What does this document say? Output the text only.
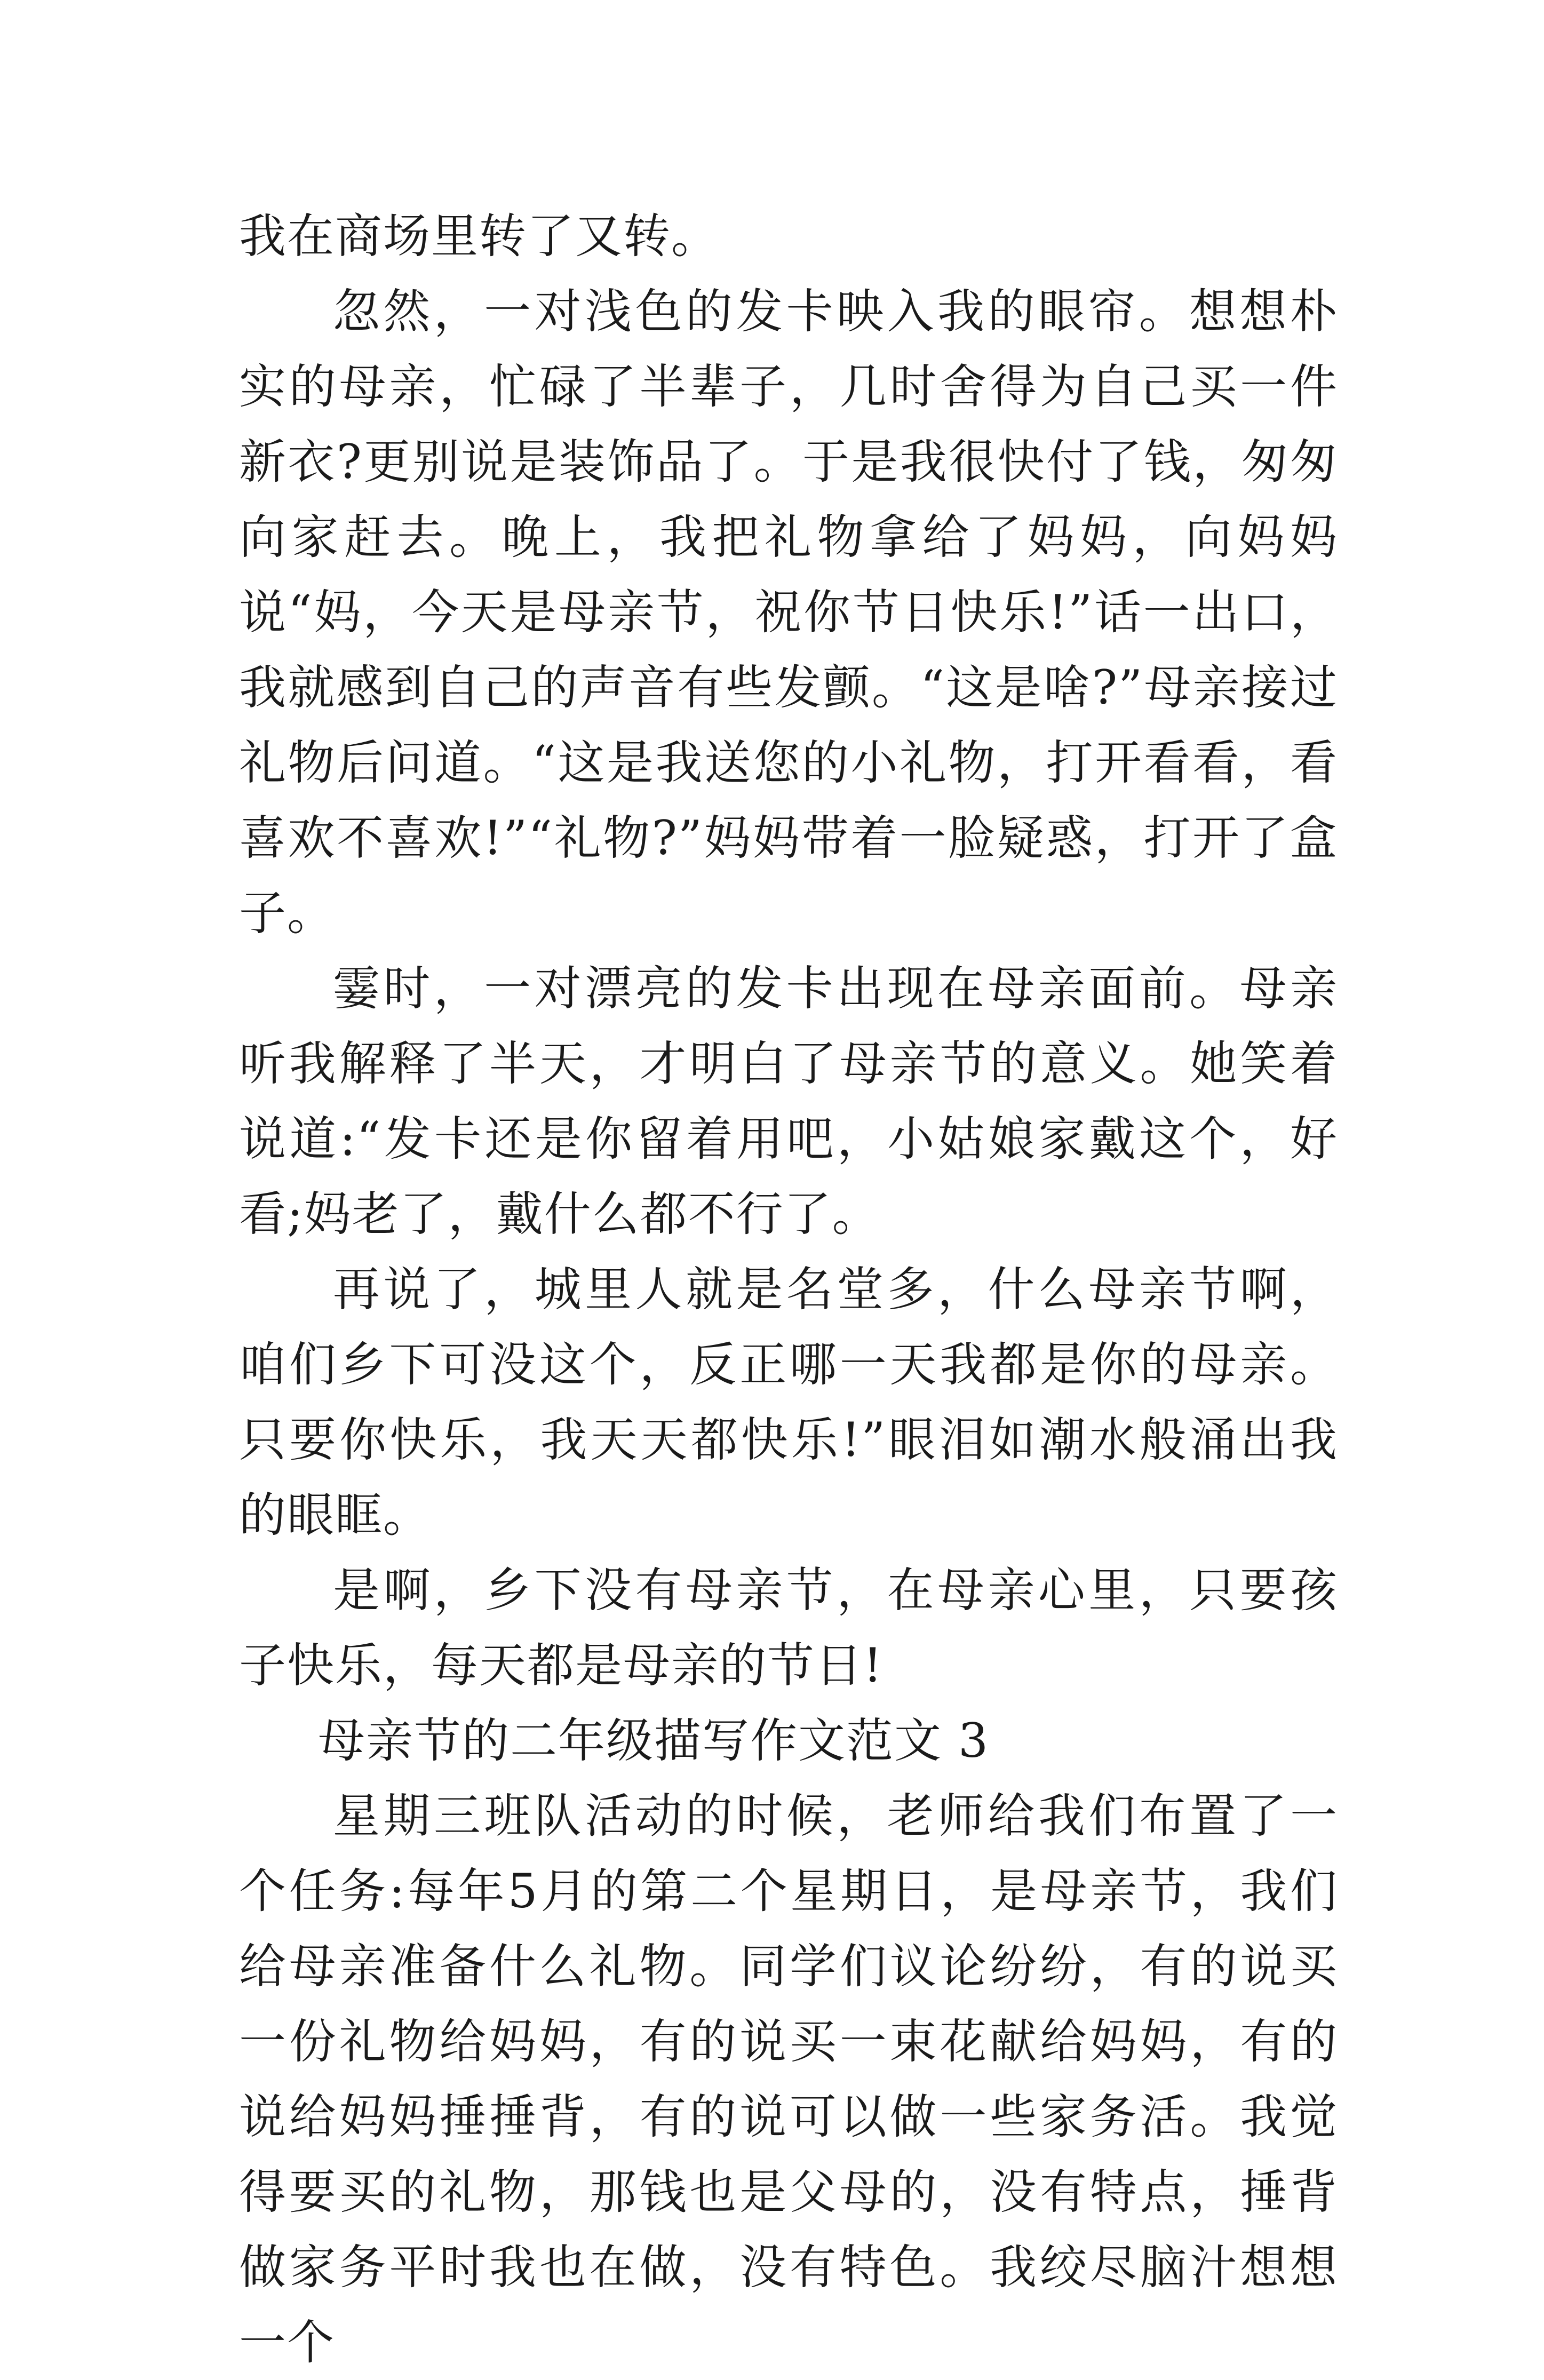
我在商场里转了又转。

忽然，一对浅色的发卡映入我的眼帘。想想朴实的母亲，忙碌了半辈子，几时舍得为自己买一件新衣?更别说是装饰品了。于是我很快付了钱，匆匆向家赶去。晚上，我把礼物拿给了妈妈，向妈妈说“妈，今天是母亲节，祝你节日快乐!”话一出口，我就感到自己的声音有些发颤。“这是啥?”母亲接过礼物后问道。“这是我送您的小礼物，打开看看，看喜欢不喜欢!”“礼物?”妈妈带着一脸疑惑，打开了盒子。

霎时，一对漂亮的发卡出现在母亲面前。母亲听我解释了半天，才明白了母亲节的意义。她笑着说道:“发卡还是你留着用吧，小姑娘家戴这个，好看;妈老了，戴什么都不行了。

再说了，城里人就是名堂多，什么母亲节啊，咱们乡下可没这个，反正哪一天我都是你的母亲。只要你快乐，我天天都快乐!”眼泪如潮水般涌出我的眼眶。

是啊，乡下没有母亲节，在母亲心里，只要孩子快乐，每天都是母亲的节日!

母亲节的二年级描写作文范文 3

星期三班队活动的时候，老师给我们布置了一个任务:每年5月的第二个星期日，是母亲节，我们给母亲准备什么礼物。同学们议论纷纷，有的说买一份礼物给妈妈，有的说买一束花献给妈妈，有的说给妈妈捶捶背，有的说可以做一些家务活。我觉得要买的礼物，那钱也是父母的，没有特点，捶背做家务平时我也在做，没有特色。我绞尽脑汁想想一个
